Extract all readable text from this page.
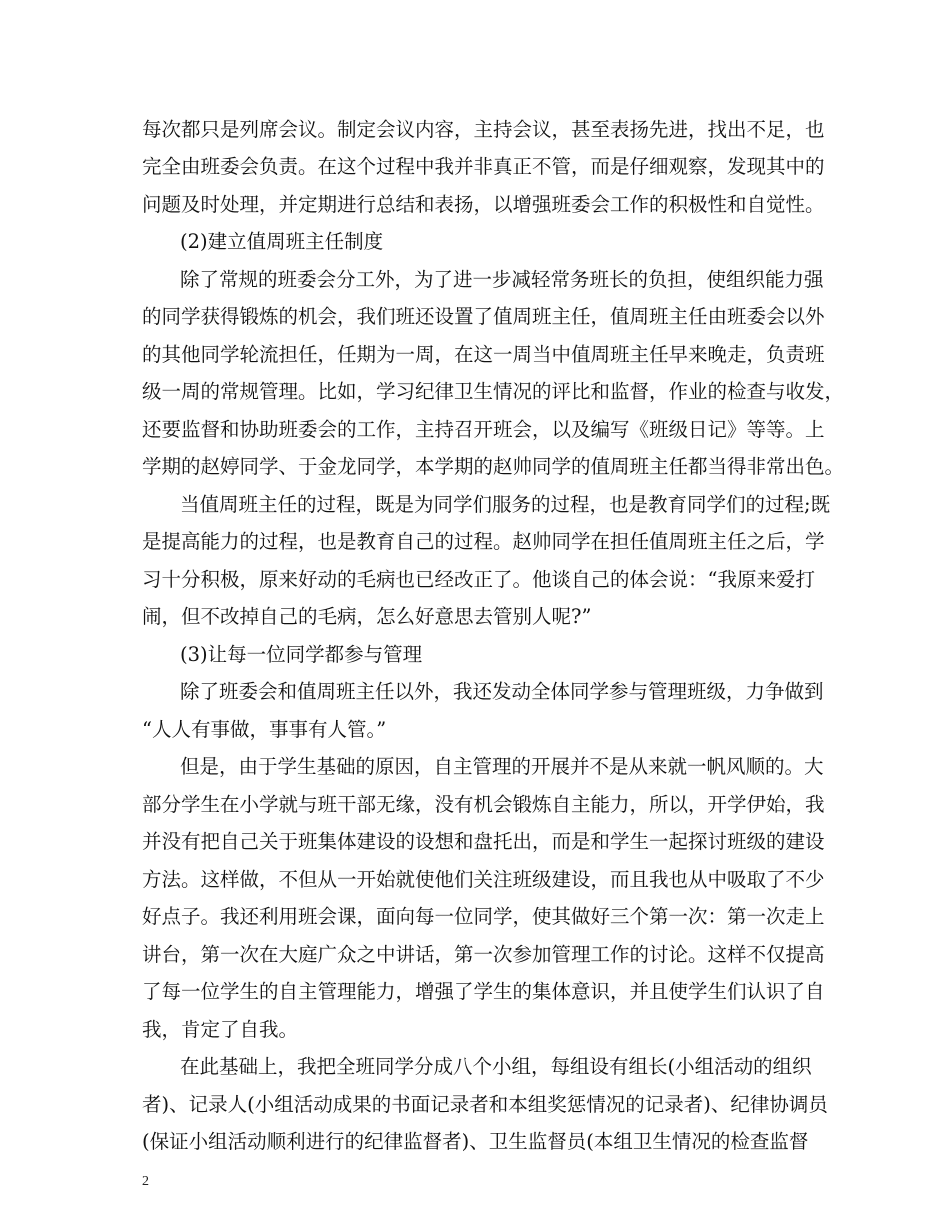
每次都只是列席会议。制定会议内容，主持会议，甚至表扬先进，找出不足，也
完全由班委会负责。在这个过程中我并非真正不管，而是仔细观察，发现其中的
问题及时处理，并定期进行总结和表扬，以增强班委会工作的积极性和自觉性。
(2)建立值周班主任制度
除了常规的班委会分工外，为了进一步减轻常务班长的负担，使组织能力强
的同学获得锻炼的机会，我们班还设置了值周班主任，值周班主任由班委会以外
的其他同学轮流担任，任期为一周，在这一周当中值周班主任早来晚走，负责班
级一周的常规管理。比如，学习纪律卫生情况的评比和监督，作业的检查与收发，
还要监督和协助班委会的工作，主持召开班会，以及编写《班级日记》等等。上
学期的赵婷同学、于金龙同学，本学期的赵帅同学的值周班主任都当得非常出色。
当值周班主任的过程，既是为同学们服务的过程，也是教育同学们的过程;既
是提高能力的过程，也是教育自己的过程。赵帅同学在担任值周班主任之后，学
习十分积极，原来好动的毛病也已经改正了。他谈自己的体会说：“我原来爱打
闹，但不改掉自己的毛病，怎么好意思去管别人呢?”
(3)让每一位同学都参与管理
除了班委会和值周班主任以外，我还发动全体同学参与管理班级，力争做到
“人人有事做，事事有人管。”
但是，由于学生基础的原因，自主管理的开展并不是从来就一帆风顺的。大
部分学生在小学就与班干部无缘，没有机会锻炼自主能力，所以，开学伊始，我
并没有把自己关于班集体建设的设想和盘托出，而是和学生一起探讨班级的建设
方法。这样做，不但从一开始就使他们关注班级建设，而且我也从中吸取了不少
好点子。我还利用班会课，面向每一位同学，使其做好三个第一次：第一次走上
讲台，第一次在大庭广众之中讲话，第一次参加管理工作的讨论。这样不仅提高
了每一位学生的自主管理能力，增强了学生的集体意识，并且使学生们认识了自
我，肯定了自我。
在此基础上，我把全班同学分成八个小组，每组设有组长(小组活动的组织
者)、记录人(小组活动成果的书面记录者和本组奖惩情况的记录者)、纪律协调员
(保证小组活动顺利进行的纪律监督者)、卫生监督员(本组卫生情况的检查监督
2
